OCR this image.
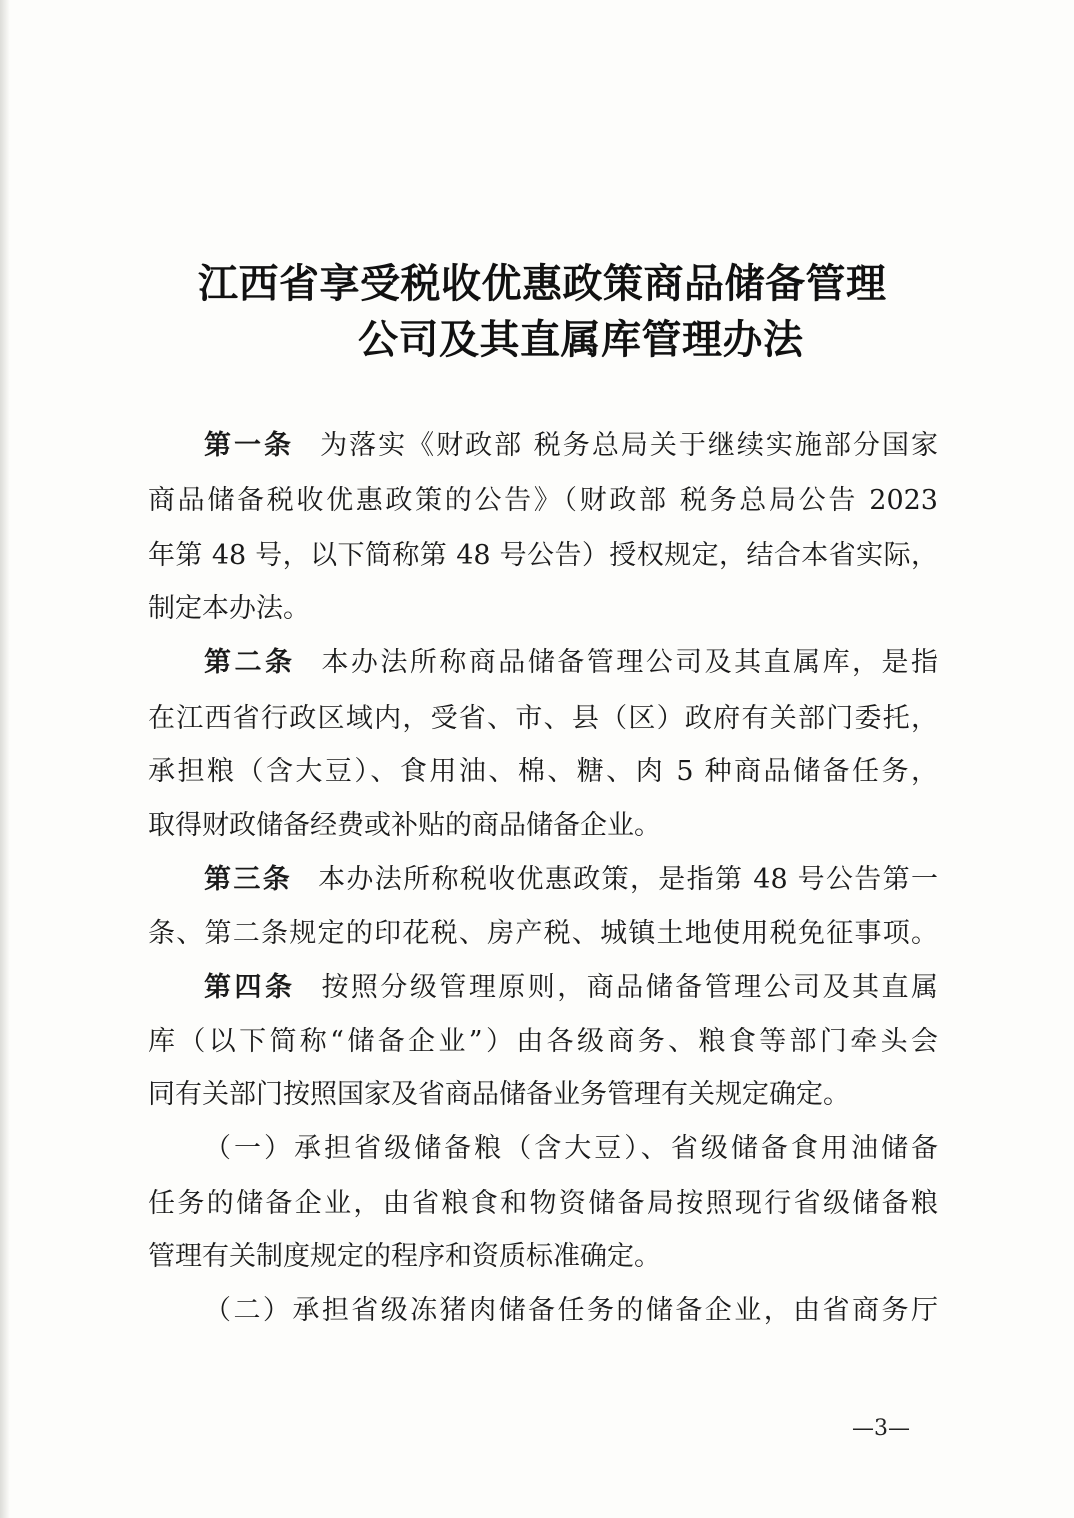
江西省享受税收优惠政策商品储备管理
公司及其直属库管理办法
第一条 为落实《财政部 税务总局关于继续实施部分国家
商品储备税收优惠政策的公告》（财政部 税务总局公告 2023
年第 48 号，以下简称第 48 号公告）授权规定，结合本省实际，
制定本办法。
第二条 本办法所称商品储备管理公司及其直属库，是指
在江西省行政区域内，受省、市、县（区）政府有关部门委托，
承担粮（含大豆）、食用油、棉、糖、肉 5 种商品储备任务，
取得财政储备经费或补贴的商品储备企业。
第三条 本办法所称税收优惠政策，是指第 48 号公告第一
条、第二条规定的印花税、房产税、城镇土地使用税免征事项。
第四条 按照分级管理原则，商品储备管理公司及其直属
库（以下简称“储备企业”）由各级商务、粮食等部门牵头会
同有关部门按照国家及省商品储备业务管理有关规定确定。
（一）承担省级储备粮（含大豆）、省级储备食用油储备
任务的储备企业，由省粮食和物资储备局按照现行省级储备粮
管理有关制度规定的程序和资质标准确定。
（二）承担省级冻猪肉储备任务的储备企业，由省商务厅
—3—
